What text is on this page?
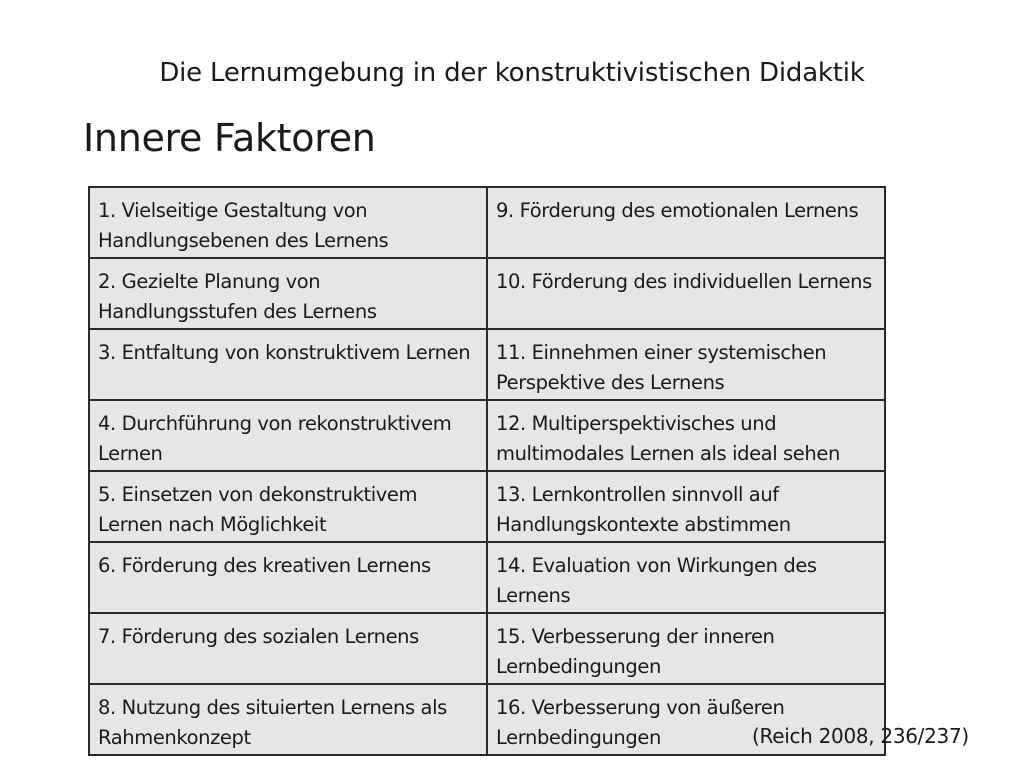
Die Lernumgebung in der konstruktivistischen Didaktik
Innere Faktoren
1. Vielseitige Gestaltung von Handlungsebenen des Lernens	9. Förderung des emotionalen Lernens
2. Gezielte Planung von Handlungsstufen des Lernens	10. Förderung des individuellen Lernens
3. Entfaltung von konstruktivem Lernen	11. Einnehmen einer systemischen Perspektive des Lernens
4. Durchführung von rekonstruktivem Lernen	12. Multiperspektivisches und multimodales Lernen als ideal sehen
5. Einsetzen von dekonstruktivem Lernen nach Möglichkeit	13. Lernkontrollen sinnvoll auf Handlungskontexte abstimmen
6. Förderung des kreativen Lernens	14. Evaluation von Wirkungen des Lernens
7. Förderung des sozialen Lernens	15. Verbesserung der inneren Lernbedingungen
8. Nutzung des situierten Lernens als Rahmenkonzept	16. Verbesserung von äußeren Lernbedingungen	(Reich 2008, 236/237)
